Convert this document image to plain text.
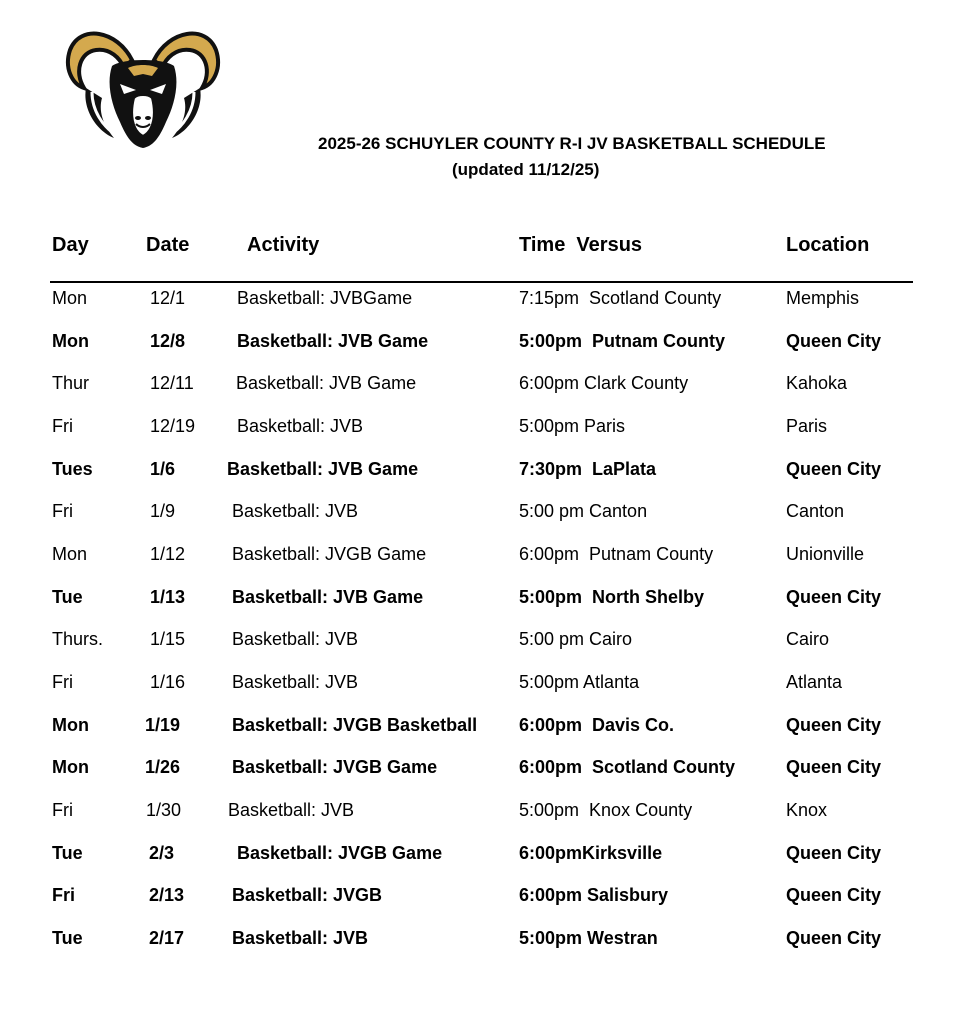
2025-26 SCHUYLER COUNTY R-I JV BASKETBALL SCHEDULE
(updated 11/12/25)
Day	Date	Activity	Time  Versus	Location
Mon	12/1	Basketball: JVBGame	7:15pm  Scotland County	Memphis
Mon	12/8	Basketball: JVB Game	5:00pm  Putnam County	Queen City
Thur	12/11 Basketball: JVB Game	6:00pm Clark County	Kahoka
Fri	12/19 Basketball: JVB	5:00pm Paris	Paris
Tues	1/6	Basketball: JVB Game	7:30pm  LaPlata	Queen City
Fri	1/9	Basketball: JVB	5:00 pm Canton	Canton
Mon	1/12	Basketball: JVGB Game	6:00pm  Putnam County	Unionville
Tue	1/13	Basketball: JVB Game	5:00pm  North Shelby	Queen City
Thurs.	1/15	Basketball: JVB	5:00 pm Cairo	Cairo
Fri	1/16	Basketball: JVB	5:00pm Atlanta	Atlanta
Mon	1/19	Basketball: JVGB Basketball 6:00pm  Davis Co.	Queen City
Mon	1/26	Basketball: JVGB Game	6:00pm  Scotland County	Queen City
Fri	1/30	Basketball: JVB	5:00pm  Knox County	Knox
Tue	2/3	Basketball: JVGB Game	6:00pmKirksville	Queen City
Fri	2/13	Basketball: JVGB	6:00pm Salisbury	Queen City
Tue	2/17	Basketball: JVB	5:00pm Westran	Queen City
